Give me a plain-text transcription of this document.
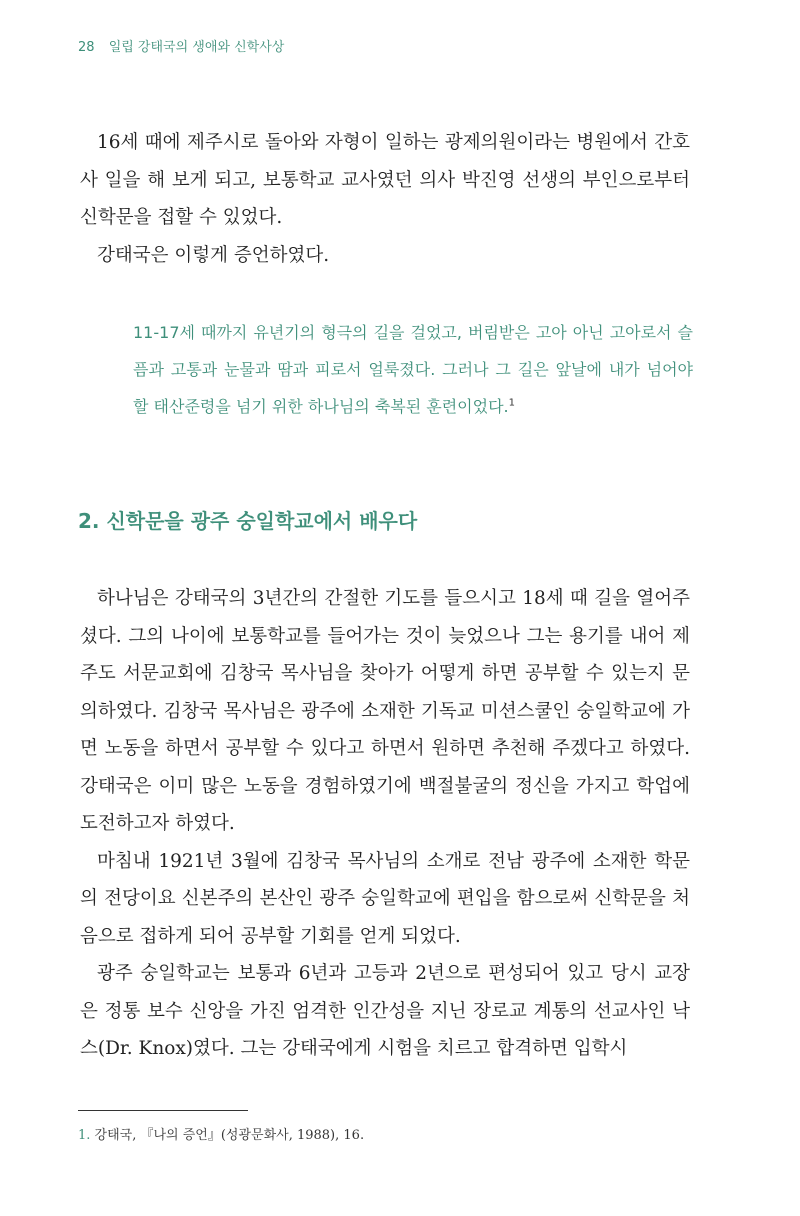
28 일립 강태국의 생애와 신학사상

16세 때에 제주시로 돌아와 자형이 일하는 광제의원이라는 병원에서 간호사 일을 해 보게 되고, 보통학교 교사였던 의사 박진영 선생의 부인으로부터 신학문을 접할 수 있었다.

강태국은 이렇게 증언하였다.

11-17세 때까지 유년기의 형극의 길을 걸었고, 버림받은 고아 아닌 고아로서 슬픔과 고통과 눈물과 땀과 피로서 얼룩졌다. 그러나 그 길은 앞날에 내가 넘어야 할 태산준령을 넘기 위한 하나님의 축복된 훈련이었다.$^1$
2. 신학문을 광주 숭일학교에서 배우다

하나님은 강태국의 3년간의 간절한 기도를 들으시고 18세 때 길을 열어주셨다. 그의 나이에 보통학교를 들어가는 것이 늦었으나 그는 용기를 내어 제주도 서문교회에 김창국 목사님을 찾아가 어떻게 하면 공부할 수 있는지 문의하였다. 김창국 목사님은 광주에 소재한 기독교 미션스쿨인 숭일학교에 가면 노동을 하면서 공부할 수 있다고 하면서 원하면 추천해 주겠다고 하였다. 강태국은 이미 많은 노동을 경험하였기에 백절불굴의 정신을 가지고 학업에 도전하고자 하였다.

마침내 1921년 3월에 김창국 목사님의 소개로 전남 광주에 소재한 학문의 전당이요 신본주의 본산인 광주 숭일학교에 편입을 함으로써 신학문을 처음으로 접하게 되어 공부할 기회를 얻게 되었다.

광주 숭일학교는 보통과 6년과 고등과 2년으로 편성되어 있고 당시 교장은 정통 보수 신앙을 가진 엄격한 인간성을 지닌 장로교 계통의 선교사인 낙스(Dr. Knox)였다. 그는 강태국에게 시험을 치르고 합격하면 입학시

1. 강태국, 『나의 증언』(성광문화사, 1988), 16.
